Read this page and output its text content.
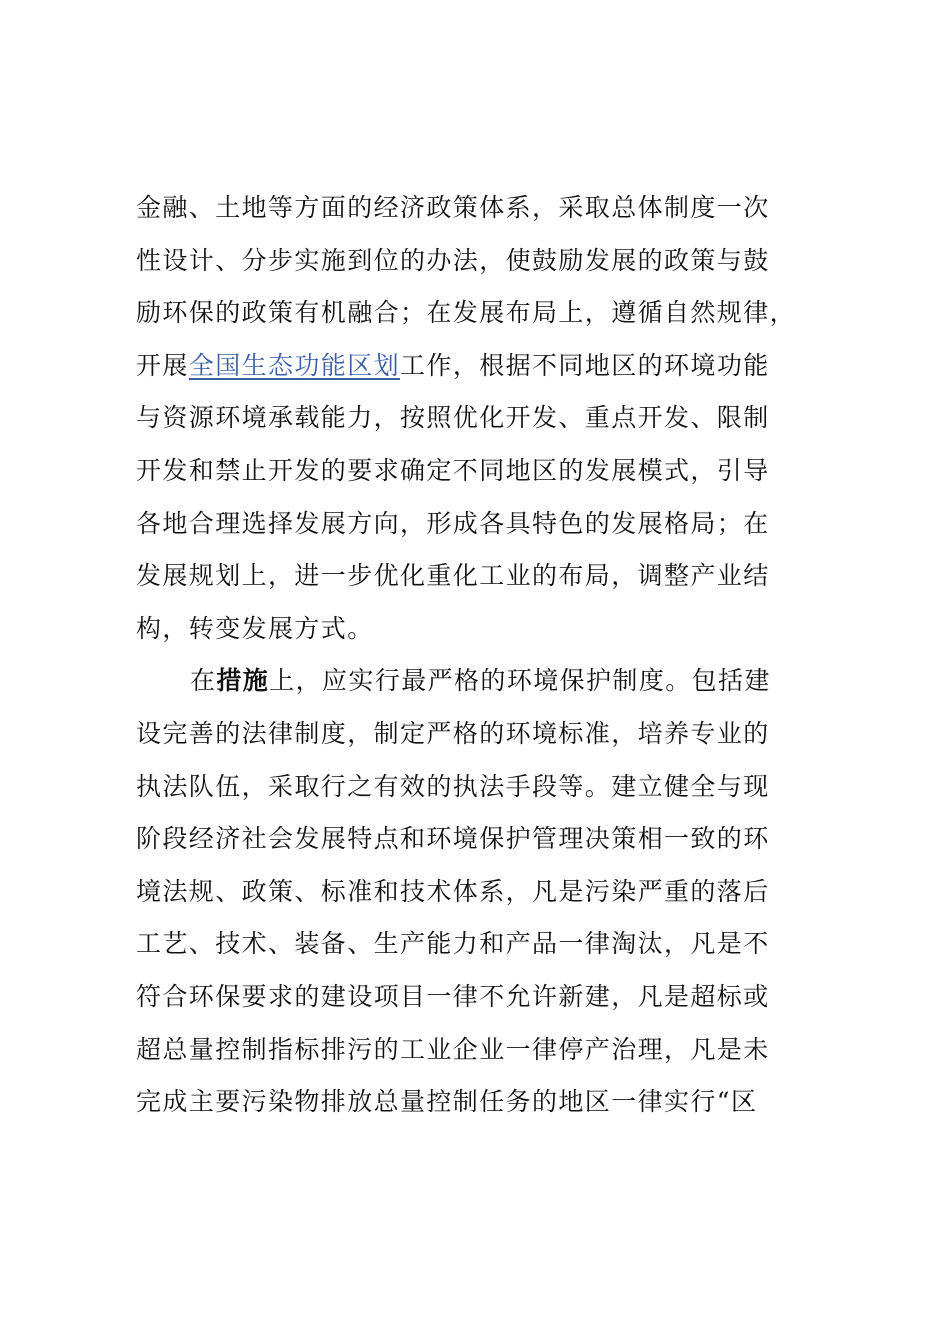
金融、土地等方面的经济政策体系，采取总体制度一次
性设计、分步实施到位的办法，使鼓励发展的政策与鼓
励环保的政策有机融合；在发展布局上，遵循自然规律，
开展全国生态功能区划工作，根据不同地区的环境功能
与资源环境承载能力，按照优化开发、重点开发、限制
开发和禁止开发的要求确定不同地区的发展模式，引导
各地合理选择发展方向，形成各具特色的发展格局；在
发展规划上，进一步优化重化工业的布局，调整产业结
构，转变发展方式。
在措施上，应实行最严格的环境保护制度。包括建
设完善的法律制度，制定严格的环境标准，培养专业的
执法队伍，采取行之有效的执法手段等。建立健全与现
阶段经济社会发展特点和环境保护管理决策相一致的环
境法规、政策、标准和技术体系，凡是污染严重的落后
工艺、技术、装备、生产能力和产品一律淘汰，凡是不
符合环保要求的建设项目一律不允许新建，凡是超标或
超总量控制指标排污的工业企业一律停产治理，凡是未
完成主要污染物排放总量控制任务的地区一律实行“区
